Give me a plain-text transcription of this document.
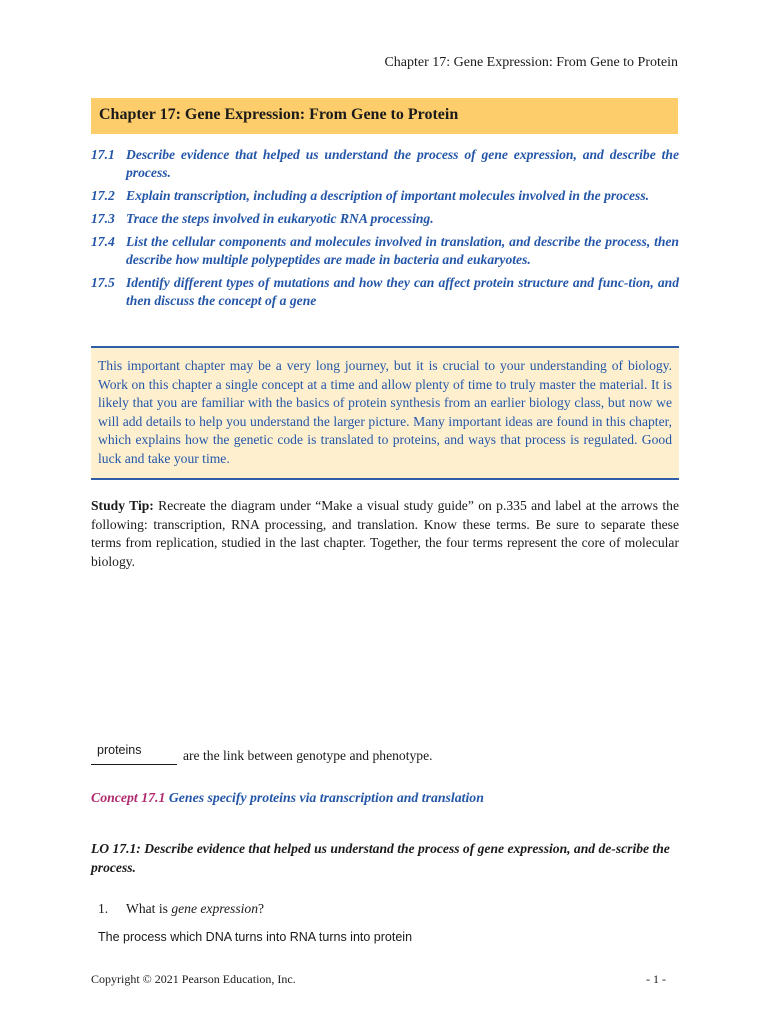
Chapter 17: Gene Expression: From Gene to Protein
Chapter 17: Gene Expression: From Gene to Protein
17.1 Describe evidence that helped us understand the process of gene expression, and describe the process.
17.2 Explain transcription, including a description of important molecules involved in the process.
17.3 Trace the steps involved in eukaryotic RNA processing.
17.4 List the cellular components and molecules involved in translation, and describe the process, then describe how multiple polypeptides are made in bacteria and eukaryotes.
17.5 Identify different types of mutations and how they can affect protein structure and func-tion, and then discuss the concept of a gene
This important chapter may be a very long journey, but it is crucial to your understanding of biology. Work on this chapter a single concept at a time and allow plenty of time to truly master the material. It is likely that you are familiar with the basics of protein synthesis from an earlier biology class, but now we will add details to help you understand the larger picture. Many important ideas are found in this chapter, which explains how the genetic code is translated to proteins, and ways that process is regulated. Good luck and take your time.
Study Tip: Recreate the diagram under “Make a visual study guide” on p.335 and label at the arrows the following: transcription, RNA processing, and translation. Know these terms. Be sure to separate these terms from replication, studied in the last chapter. Together, the four terms represent the core of molecular biology.
proteins	are the link between genotype and phenotype.
Concept 17.1 Genes specify proteins via transcription and translation
LO 17.1: Describe evidence that helped us understand the process of gene expression, and de-scribe the process.
1. What is gene expression?
The process which DNA turns into RNA turns into protein
Copyright © 2021 Pearson Education, Inc.	- 1 -
